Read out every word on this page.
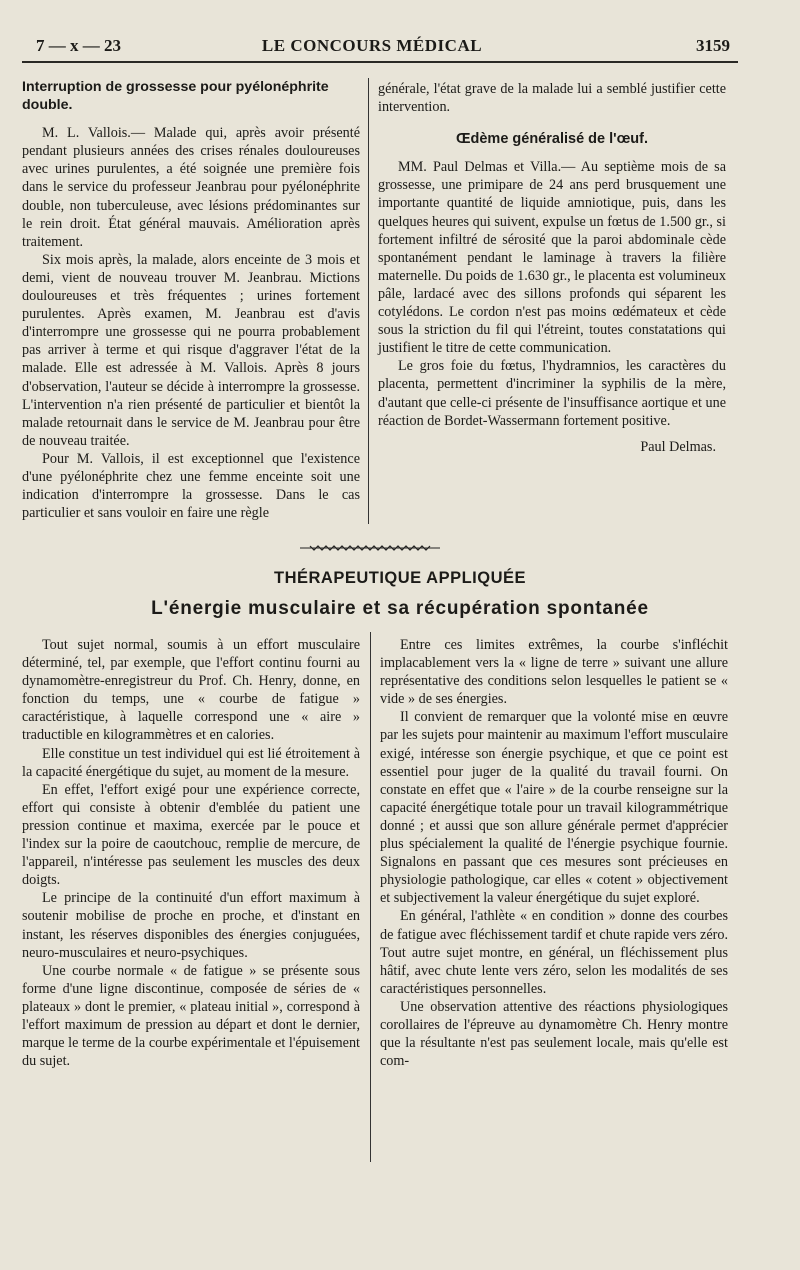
7 — x — 23	LE CONCOURS MÉDICAL	3159
Interruption de grossesse pour pyélonéphrite double.

M. L. Vallois.— Malade qui, après avoir présenté pendant plusieurs années des crises rénales douloureuses avec urines purulentes, a été soignée une première fois dans le service du professeur Jeanbrau pour pyélonéphrite double, non tuberculeuse, avec lésions prédominantes sur le rein droit. État général mauvais. Amélioration après traitement.

Six mois après, la malade, alors enceinte de 3 mois et demi, vient de nouveau trouver M. Jeanbrau. Mictions douloureuses et très fréquentes ; urines fortement purulentes. Après examen, M. Jeanbrau est d'avis d'interrompre une grossesse qui ne pourra probablement pas arriver à terme et qui risque d'aggraver l'état de la malade. Elle est adressée à M. Vallois. Après 8 jours d'observation, l'auteur se décide à interrompre la grossesse. L'intervention n'a rien présenté de particulier et bientôt la malade retournait dans le service de M. Jeanbrau pour être de nouveau traitée.

Pour M. Vallois, il est exceptionnel que l'existence d'une pyélonéphrite chez une femme enceinte soit une indication d'interrompre la grossesse. Dans le cas particulier et sans vouloir en faire une règle

générale, l'état grave de la malade lui a semblé justifier cette intervention.

Œdème généralisé de l'œuf.

MM. Paul Delmas et Villa.— Au septième mois de sa grossesse, une primipare de 24 ans perd brusquement une importante quantité de liquide amniotique, puis, dans les quelques heures qui suivent, expulse un fœtus de 1.500 gr., si fortement infiltré de sérosité que la paroi abdominale cède spontanément pendant le laminage à travers la filière maternelle. Du poids de 1.630 gr., le placenta est volumineux pâle, lardacé avec des sillons profonds qui séparent les cotylédons. Le cordon n'est pas moins œdémateux et cède sous la striction du fil qui l'étreint, toutes constatations qui justifient le titre de cette communication.

Le gros foie du fœtus, l'hydramnios, les caractères du placenta, permettent d'incriminer la syphilis de la mère, d'autant que celle-ci présente de l'insuffisance aortique et une réaction de Bordet-Wassermann fortement positive.

Paul Delmas.
THÉRAPEUTIQUE APPLIQUÉE
L'énergie musculaire et sa récupération spontanée

Tout sujet normal, soumis à un effort musculaire déterminé, tel, par exemple, que l'effort continu fourni au dynamomètre-enregistreur du Prof. Ch. Henry, donne, en fonction du temps, une « courbe de fatigue » caractéristique, à laquelle correspond une « aire » traductible en kilogrammètres et en calories.

Elle constitue un test individuel qui est lié étroitement à la capacité énergétique du sujet, au moment de la mesure.

En effet, l'effort exigé pour une expérience correcte, effort qui consiste à obtenir d'emblée du patient une pression continue et maxima, exercée par le pouce et l'index sur la poire de caoutchouc, remplie de mercure, de l'appareil, n'intéresse pas seulement les muscles des deux doigts.

Le principe de la continuité d'un effort maximum à soutenir mobilise de proche en proche, et d'instant en instant, les réserves disponibles des énergies conjuguées, neuro-musculaires et neuro-psychiques.

Une courbe normale « de fatigue » se présente sous forme d'une ligne discontinue, composée de séries de « plateaux » dont le premier, « plateau initial », correspond à l'effort maximum de pression au départ et dont le dernier, marque le terme de la courbe expérimentale et l'épuisement du sujet.

Entre ces limites extrêmes, la courbe s'infléchit implacablement vers la « ligne de terre » suivant une allure représentative des conditions selon lesquelles le patient se « vide » de ses énergies.

Il convient de remarquer que la volonté mise en œuvre par les sujets pour maintenir au maximum l'effort musculaire exigé, intéresse son énergie psychique, et que ce point est essentiel pour juger de la qualité du travail fourni. On constate en effet que « l'aire » de la courbe renseigne sur la capacité énergétique totale pour un travail kilogrammétrique donné ; et aussi que son allure générale permet d'apprécier plus spécialement la qualité de l'énergie psychique fournie. Signalons en passant que ces mesures sont précieuses en physiologie pathologique, car elles « cotent » objectivement et subjectivement la valeur énergétique du sujet exploré.

En général, l'athlète « en condition » donne des courbes de fatigue avec fléchissement tardif et chute rapide vers zéro. Tout autre sujet montre, en général, un fléchissement plus hâtif, avec chute lente vers zéro, selon les modalités de ses caractéristiques personnelles.

Une observation attentive des réactions physiologiques corollaires de l'épreuve au dynamomètre Ch. Henry montre que la résultante n'est pas seulement locale, mais qu'elle est com-
